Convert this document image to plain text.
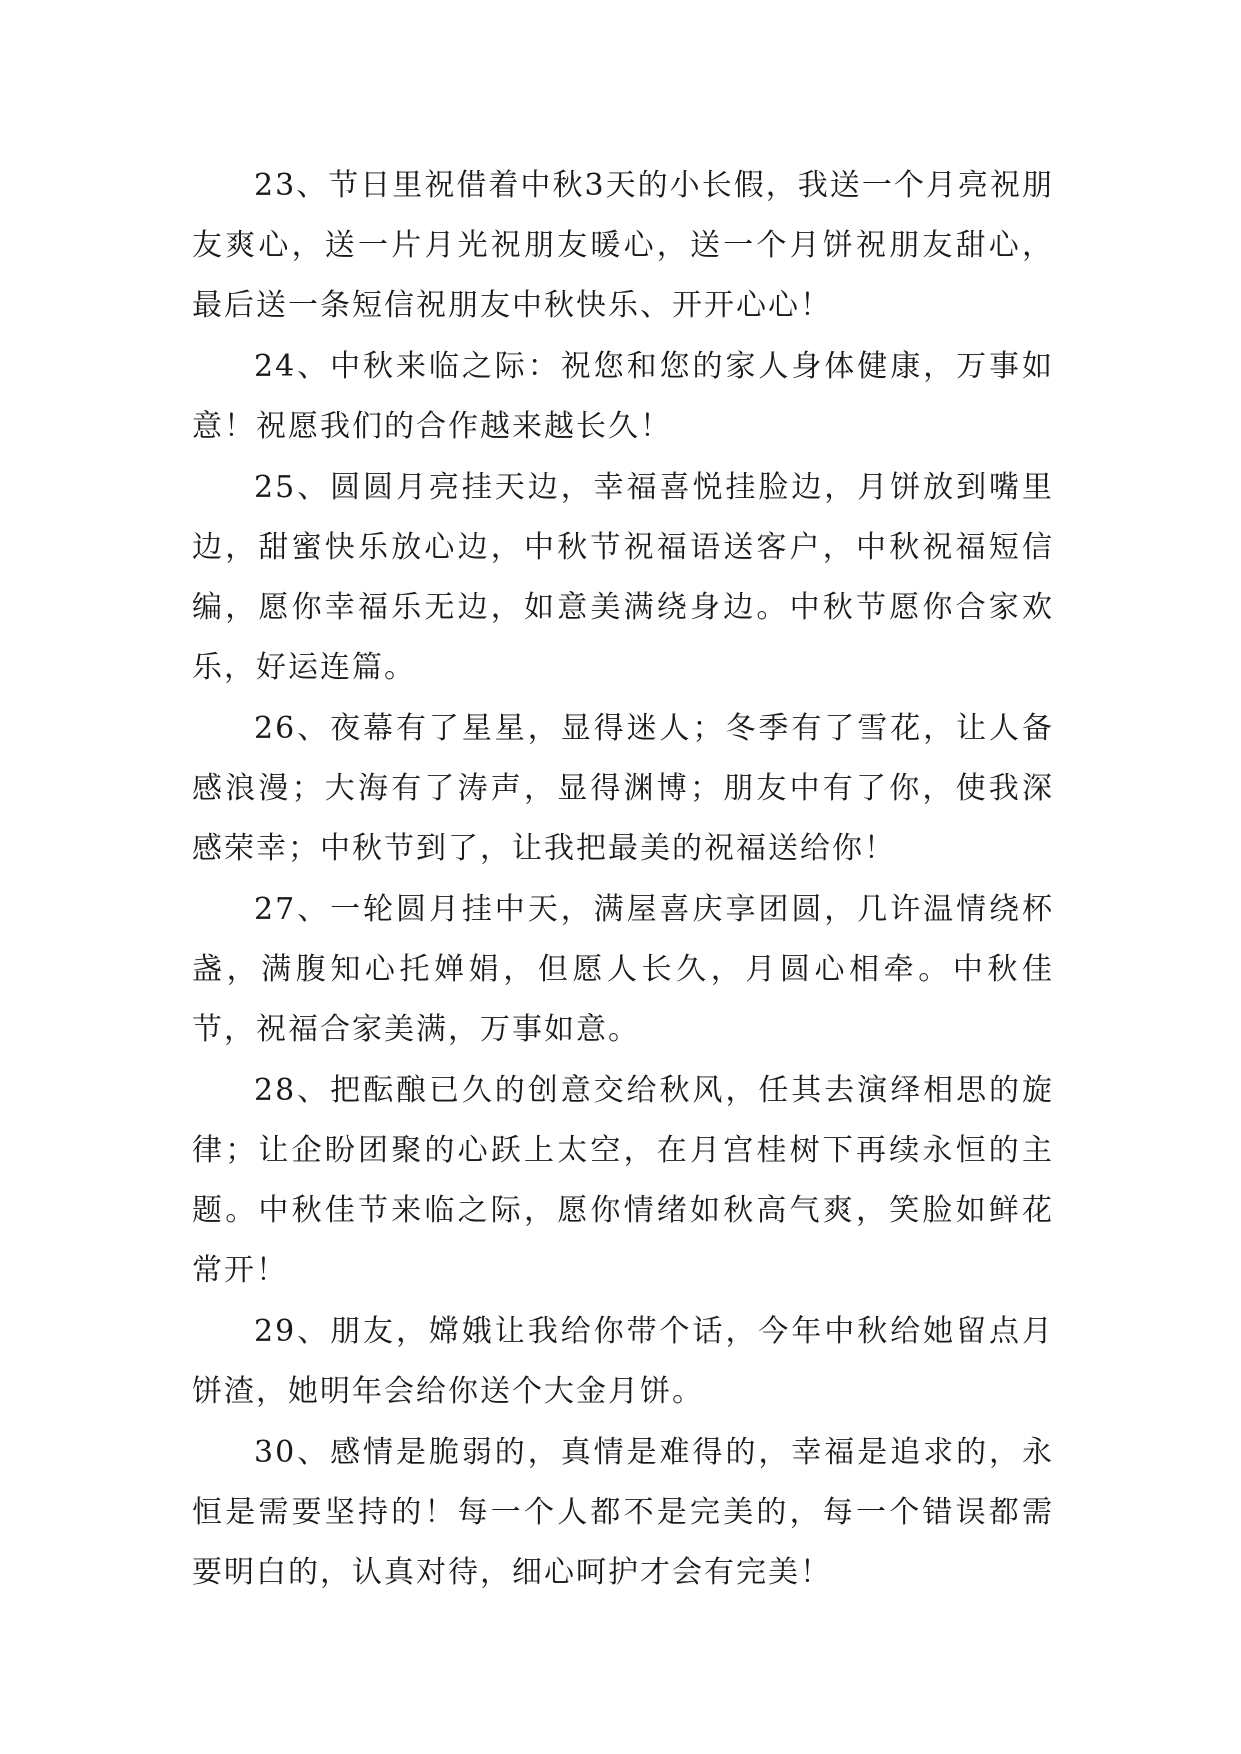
23、节日里祝借着中秋3天的小长假，我送一个月亮祝朋友爽心，送一片月光祝朋友暖心，送一个月饼祝朋友甜心，最后送一条短信祝朋友中秋快乐、开开心心！

24、中秋来临之际：祝您和您的家人身体健康，万事如意！祝愿我们的合作越来越长久！

25、圆圆月亮挂天边，幸福喜悦挂脸边，月饼放到嘴里边，甜蜜快乐放心边，中秋节祝福语送客户，中秋祝福短信编，愿你幸福乐无边，如意美满绕身边。中秋节愿你合家欢乐，好运连篇。

26、夜幕有了星星，显得迷人；冬季有了雪花，让人备感浪漫；大海有了涛声，显得渊博；朋友中有了你，使我深感荣幸；中秋节到了，让我把最美的祝福送给你！

27、一轮圆月挂中天，满屋喜庆享团圆，几许温情绕杯盏，满腹知心托婵娟，但愿人长久，月圆心相牵。中秋佳节，祝福合家美满，万事如意。

28、把酝酿已久的创意交给秋风，任其去演绎相思的旋律；让企盼团聚的心跃上太空，在月宫桂树下再续永恒的主题。中秋佳节来临之际，愿你情绪如秋高气爽，笑脸如鲜花常开！

29、朋友，嫦娥让我给你带个话，今年中秋给她留点月饼渣，她明年会给你送个大金月饼。

30、感情是脆弱的，真情是难得的，幸福是追求的，永恒是需要坚持的！每一个人都不是完美的，每一个错误都需要明白的，认真对待，细心呵护才会有完美！
